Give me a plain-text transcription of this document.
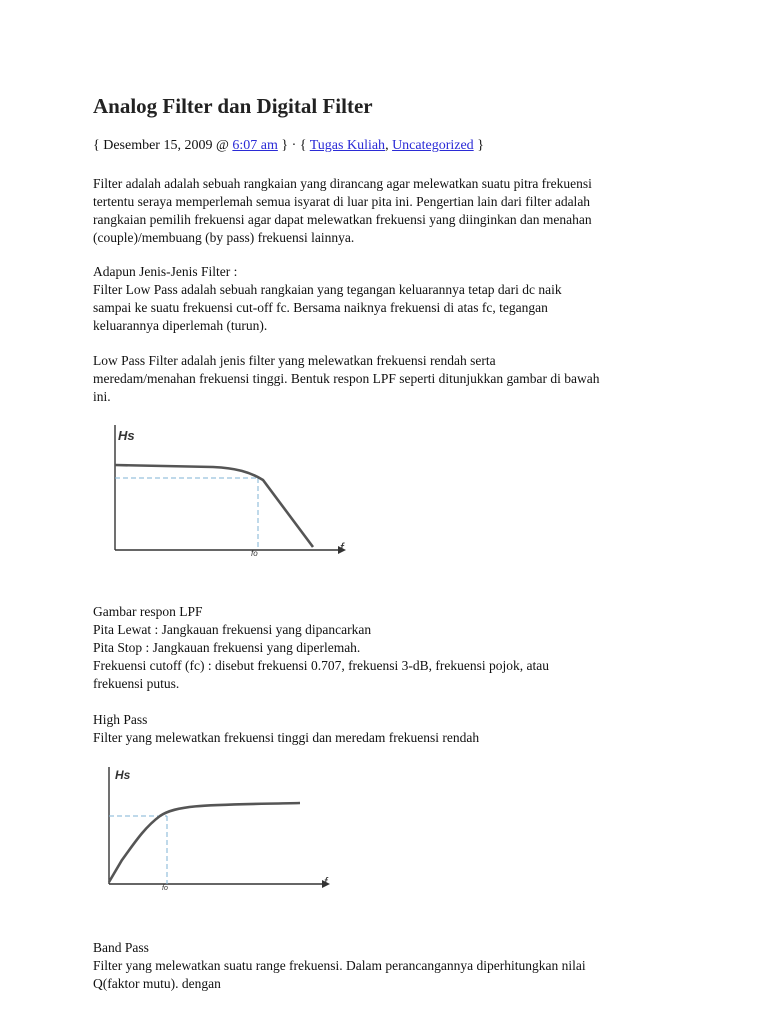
Analog Filter dan Digital Filter
{ Desember 15, 2009 @ 6:07 am } · { Tugas Kuliah, Uncategorized }
Filter adalah adalah sebuah rangkaian yang dirancang agar melewatkan suatu pitra frekuensi
tertentu seraya memperlemah semua isyarat di luar pita ini. Pengertian lain dari filter adalah
rangkaian pemilih frekuensi agar dapat melewatkan frekuensi yang diinginkan dan menahan
(couple)/membuang (by pass) frekuensi lainnya.
Adapun Jenis-Jenis Filter :
Filter Low Pass adalah sebuah rangkaian yang tegangan keluarannya tetap dari dc naik
sampai ke suatu frekuensi cut-off fc. Bersama naiknya frekuensi di atas fc, tegangan
keluarannya diperlemah (turun).
Low Pass Filter adalah jenis filter yang melewatkan frekuensi rendah serta
meredam/menahan frekuensi tinggi. Bentuk respon LPF seperti ditunjukkan gambar di bawah
ini.
Gambar respon LPF
Pita Lewat : Jangkauan frekuensi yang dipancarkan
Pita Stop : Jangkauan frekuensi yang diperlemah.
Frekuensi cutoff (fc) : disebut frekuensi 0.707, frekuensi 3-dB, frekuensi pojok, atau
frekuensi putus.
High Pass
Filter yang melewatkan frekuensi tinggi dan meredam frekuensi rendah
Band Pass
Filter yang melewatkan suatu range frekuensi. Dalam perancangannya diperhitungkan nilai
Q(faktor mutu). dengan
Hs
f
fo
Hs
f
fo
